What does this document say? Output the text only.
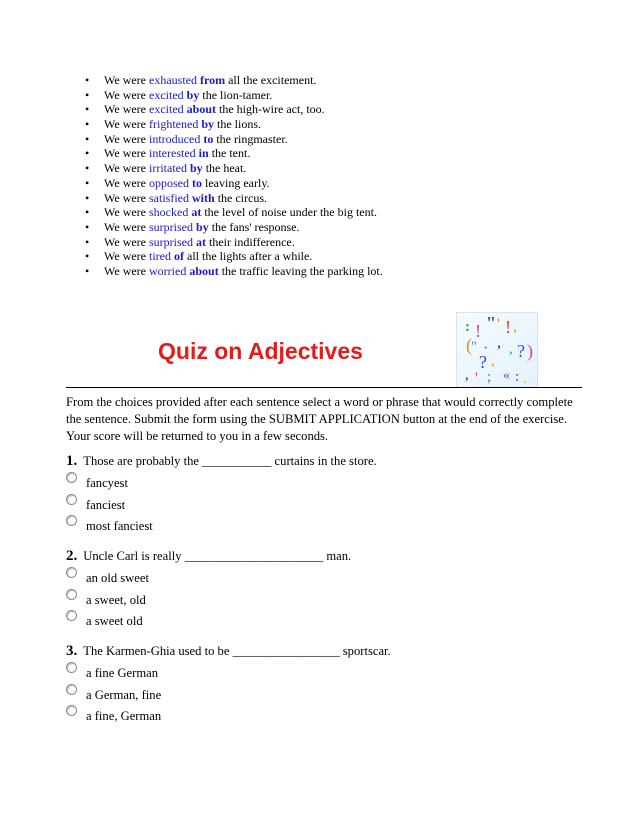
• We were exhausted from all the excitement.
• We were excited by the lion-tamer.
• We were excited about the high-wire act, too.
• We were frightened by the lions.
• We were introduced to the ringmaster.
• We were interested in the tent.
• We were irritated by the heat.
• We were opposed to leaving early.
• We were satisfied with the circus.
• We were shocked at the level of noise under the big tent.
• We were surprised by the fans' response.
• We were surprised at their indifference.
• We were tired of all the lights after a while.
• We were worried about the traffic leaving the parking lot.
Quiz on Adjectives
: ! " ' ! ,
( " · , , ? )
? ,
, ' ; « : .

From the choices provided after each sentence select a word or phrase that would correctly complete the sentence. Submit the form using the SUBMIT APPLICATION button at the end of the exercise. Your score will be returned to you in a few seconds.

1. Those are probably the ___________ curtains in the store.
fancyest
fanciest
most fanciest
2. Uncle Carl is really ______________________ man.
an old sweet
a sweet, old
a sweet old
3. The Karmen-Ghia used to be _________________ sportscar.
a fine German
a German, fine
a fine, German
